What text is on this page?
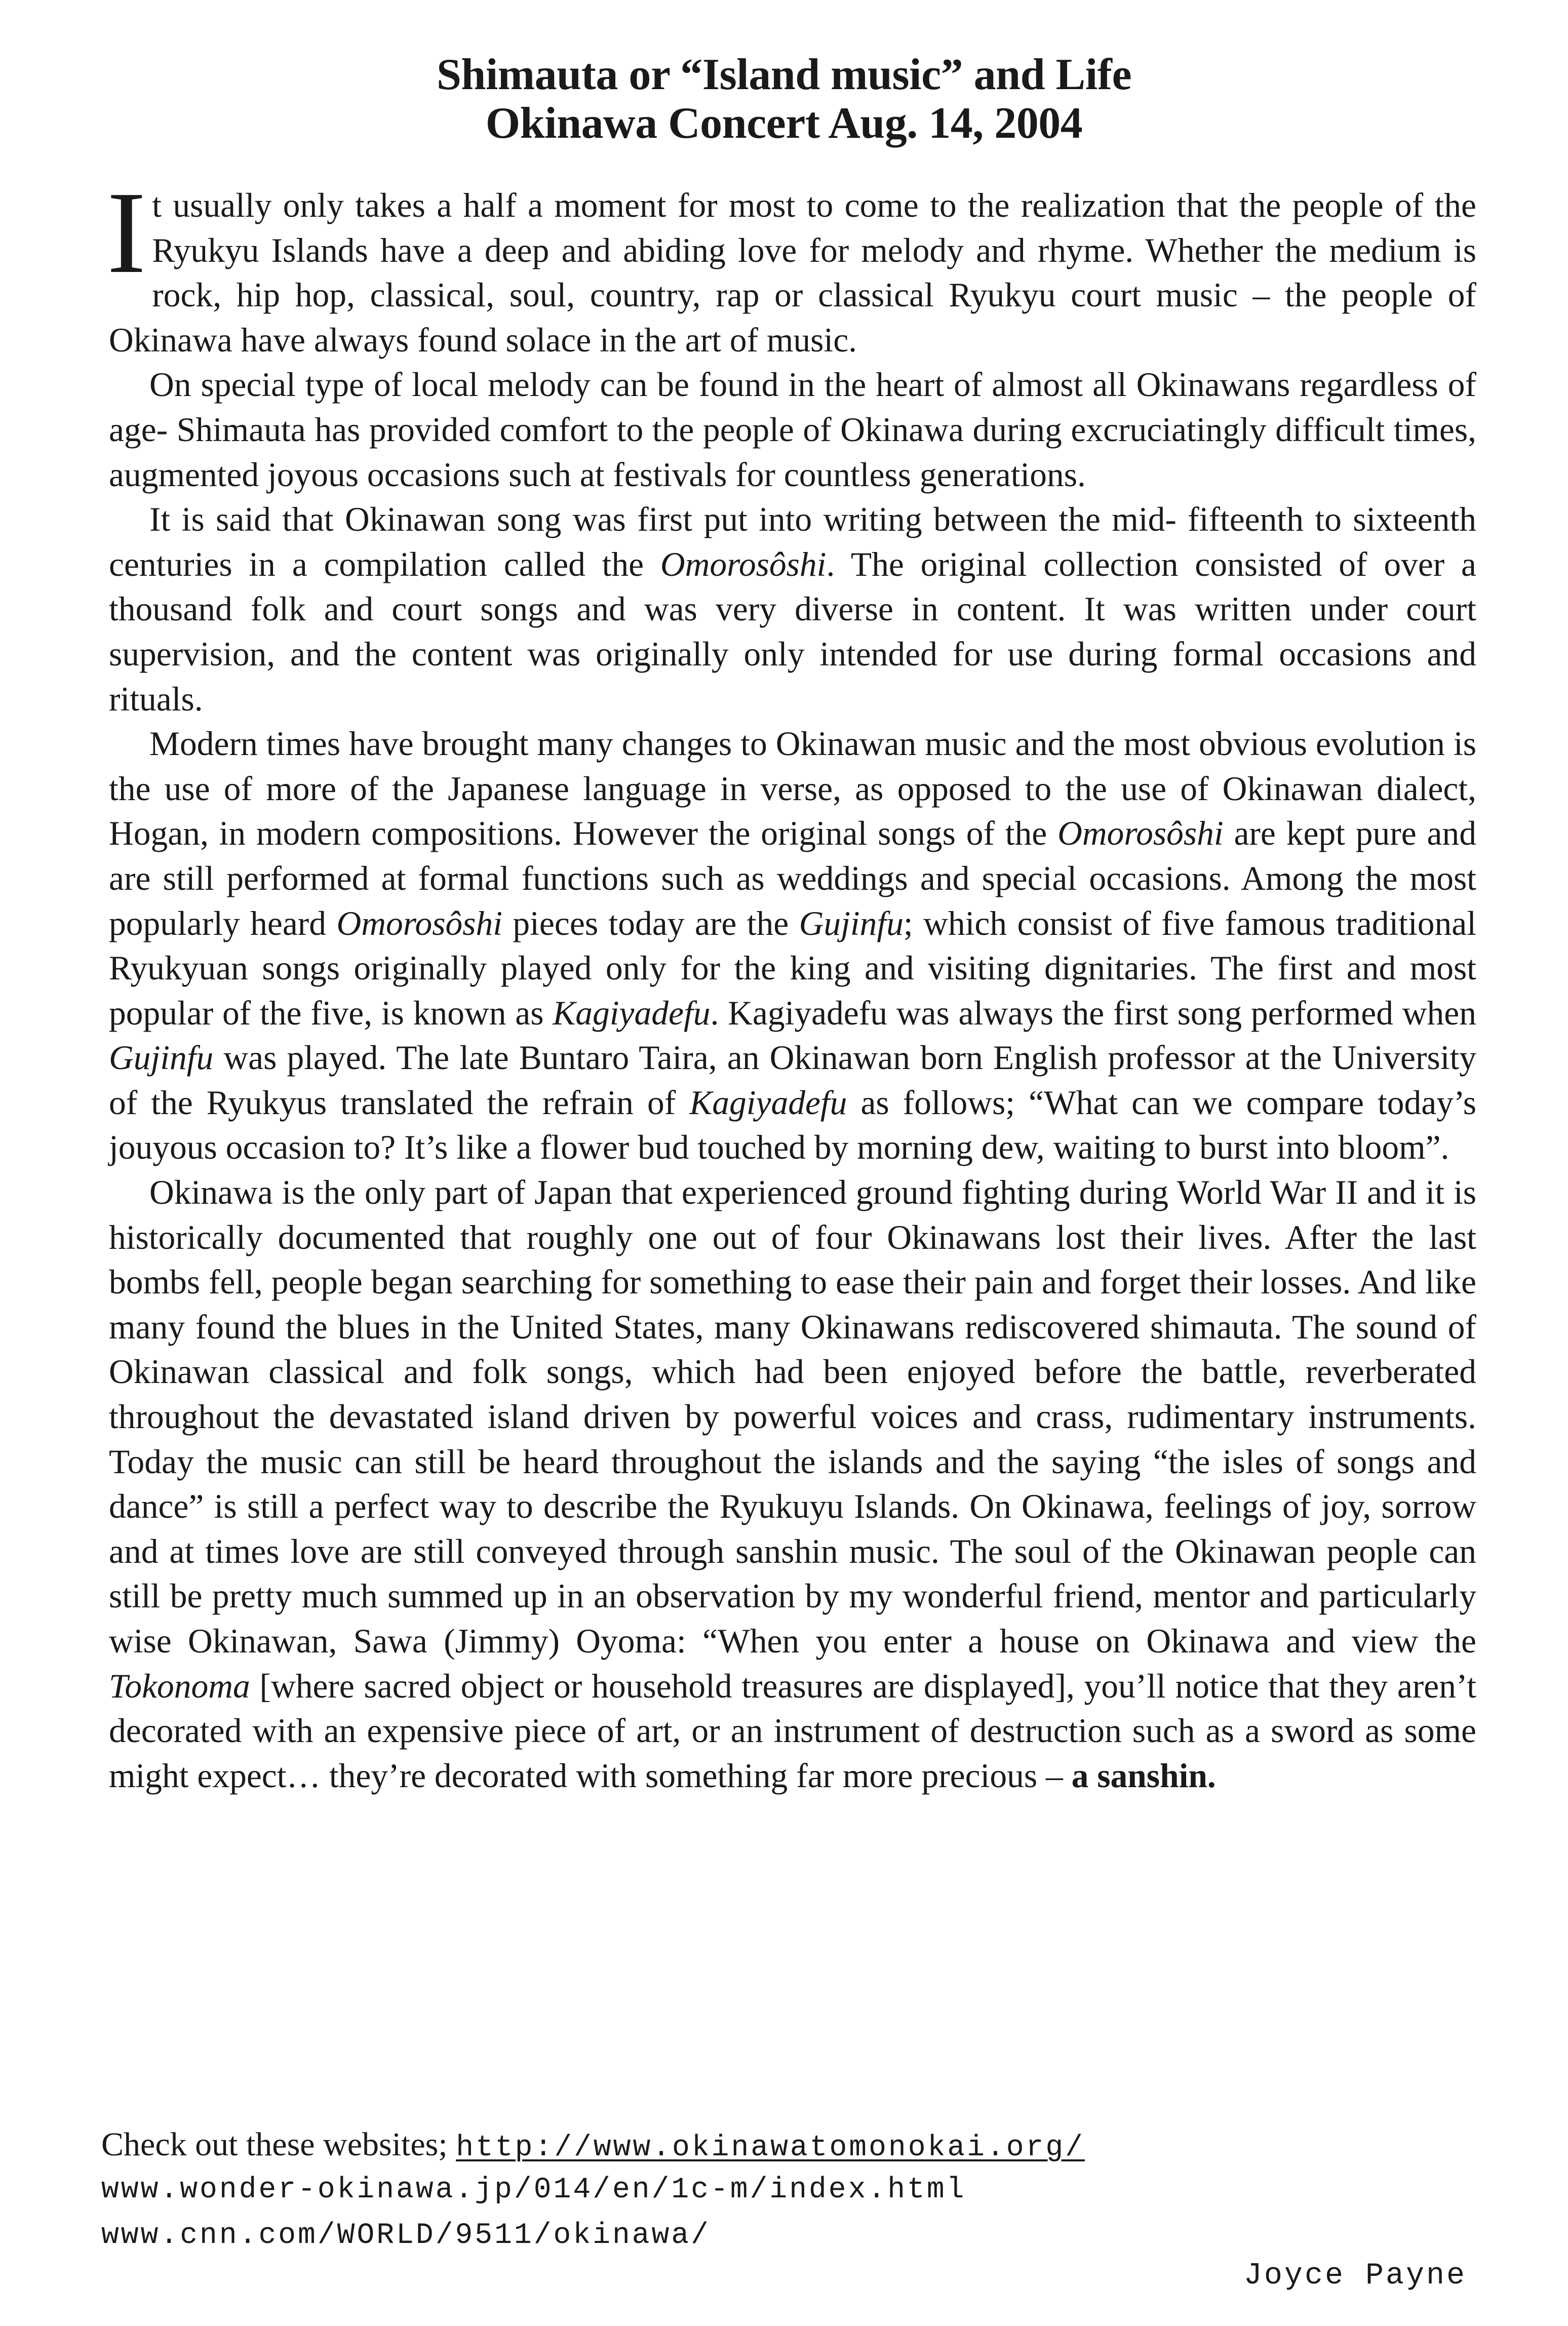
Shimauta or “Island music” and Life
Okinawa Concert Aug. 14, 2004

It usually only takes a half a moment for most to come to the realization that the people of the Ryukyu Islands have a deep and abiding love for melody and rhyme. Whether the medium is rock, hip hop, classical, soul, country, rap or classical Ryukyu court music – the people of Okinawa have always found solace in the art of music.

On special type of local melody can be found in the heart of almost all Okinawans regardless of age- Shimauta has provided comfort to the people of Okinawa during excruciatingly difficult times, augmented joyous occasions such at festivals for countless generations.

It is said that Okinawan song was first put into writing between the mid- fifteenth to sixteenth centuries in a compilation called the Omorosôshi. The original collection consisted of over a thousand folk and court songs and was very diverse in content. It was written under court supervision, and the content was originally only intended for use during formal occasions and rituals.

Modern times have brought many changes to Okinawan music and the most obvious evolution is the use of more of the Japanese language in verse, as opposed to the use of Okinawan dialect, Hogan, in modern compositions. However the original songs of the Omorosôshi are kept pure and are still performed at formal functions such as weddings and special occasions. Among the most popularly heard Omorosôshi pieces today are the Gujinfu; which consist of five famous traditional Ryukyuan songs originally played only for the king and visiting dignitaries. The first and most popular of the five, is known as Kagiyadefu. Kagiyadefu was always the first song performed when Gujinfu was played. The late Buntaro Taira, an Okinawan born English professor at the University of the Ryukyus translated the refrain of Kagiyadefu as follows; “What can we compare today’s jouyous occasion to? It’s like a flower bud touched by morning dew, waiting to burst into bloom”.

Okinawa is the only part of Japan that experienced ground fighting during World War II and it is historically documented that roughly one out of four Okinawans lost their lives. After the last bombs fell, people began searching for something to ease their pain and forget their losses. And like many found the blues in the United States, many Okinawans rediscovered shimauta. The sound of Okinawan classical and folk songs, which had been enjoyed before the battle, reverberated throughout the devastated island driven by powerful voices and crass, rudimentary instruments. Today the music can still be heard throughout the islands and the saying “the isles of songs and dance” is still a perfect way to describe the Ryukuyu Islands. On Okinawa, feelings of joy, sorrow and at times love are still conveyed through sanshin music. The soul of the Okinawan people can still be pretty much summed up in an observation by my wonderful friend, mentor and particularly wise Okinawan, Sawa (Jimmy) Oyoma: “When you enter a house on Okinawa and view the Tokonoma [where sacred object or household treasures are displayed], you’ll notice that they aren’t decorated with an expensive piece of art, or an instrument of destruction such as a sword as some might expect… they’re decorated with something far more precious – a sanshin.

Check out these websites; http://www.okinawatomonokai.org/
www.wonder-okinawa.jp/014/en/1c-m/index.html
www.cnn.com/WORLD/9511/okinawa/
Joyce Payne
